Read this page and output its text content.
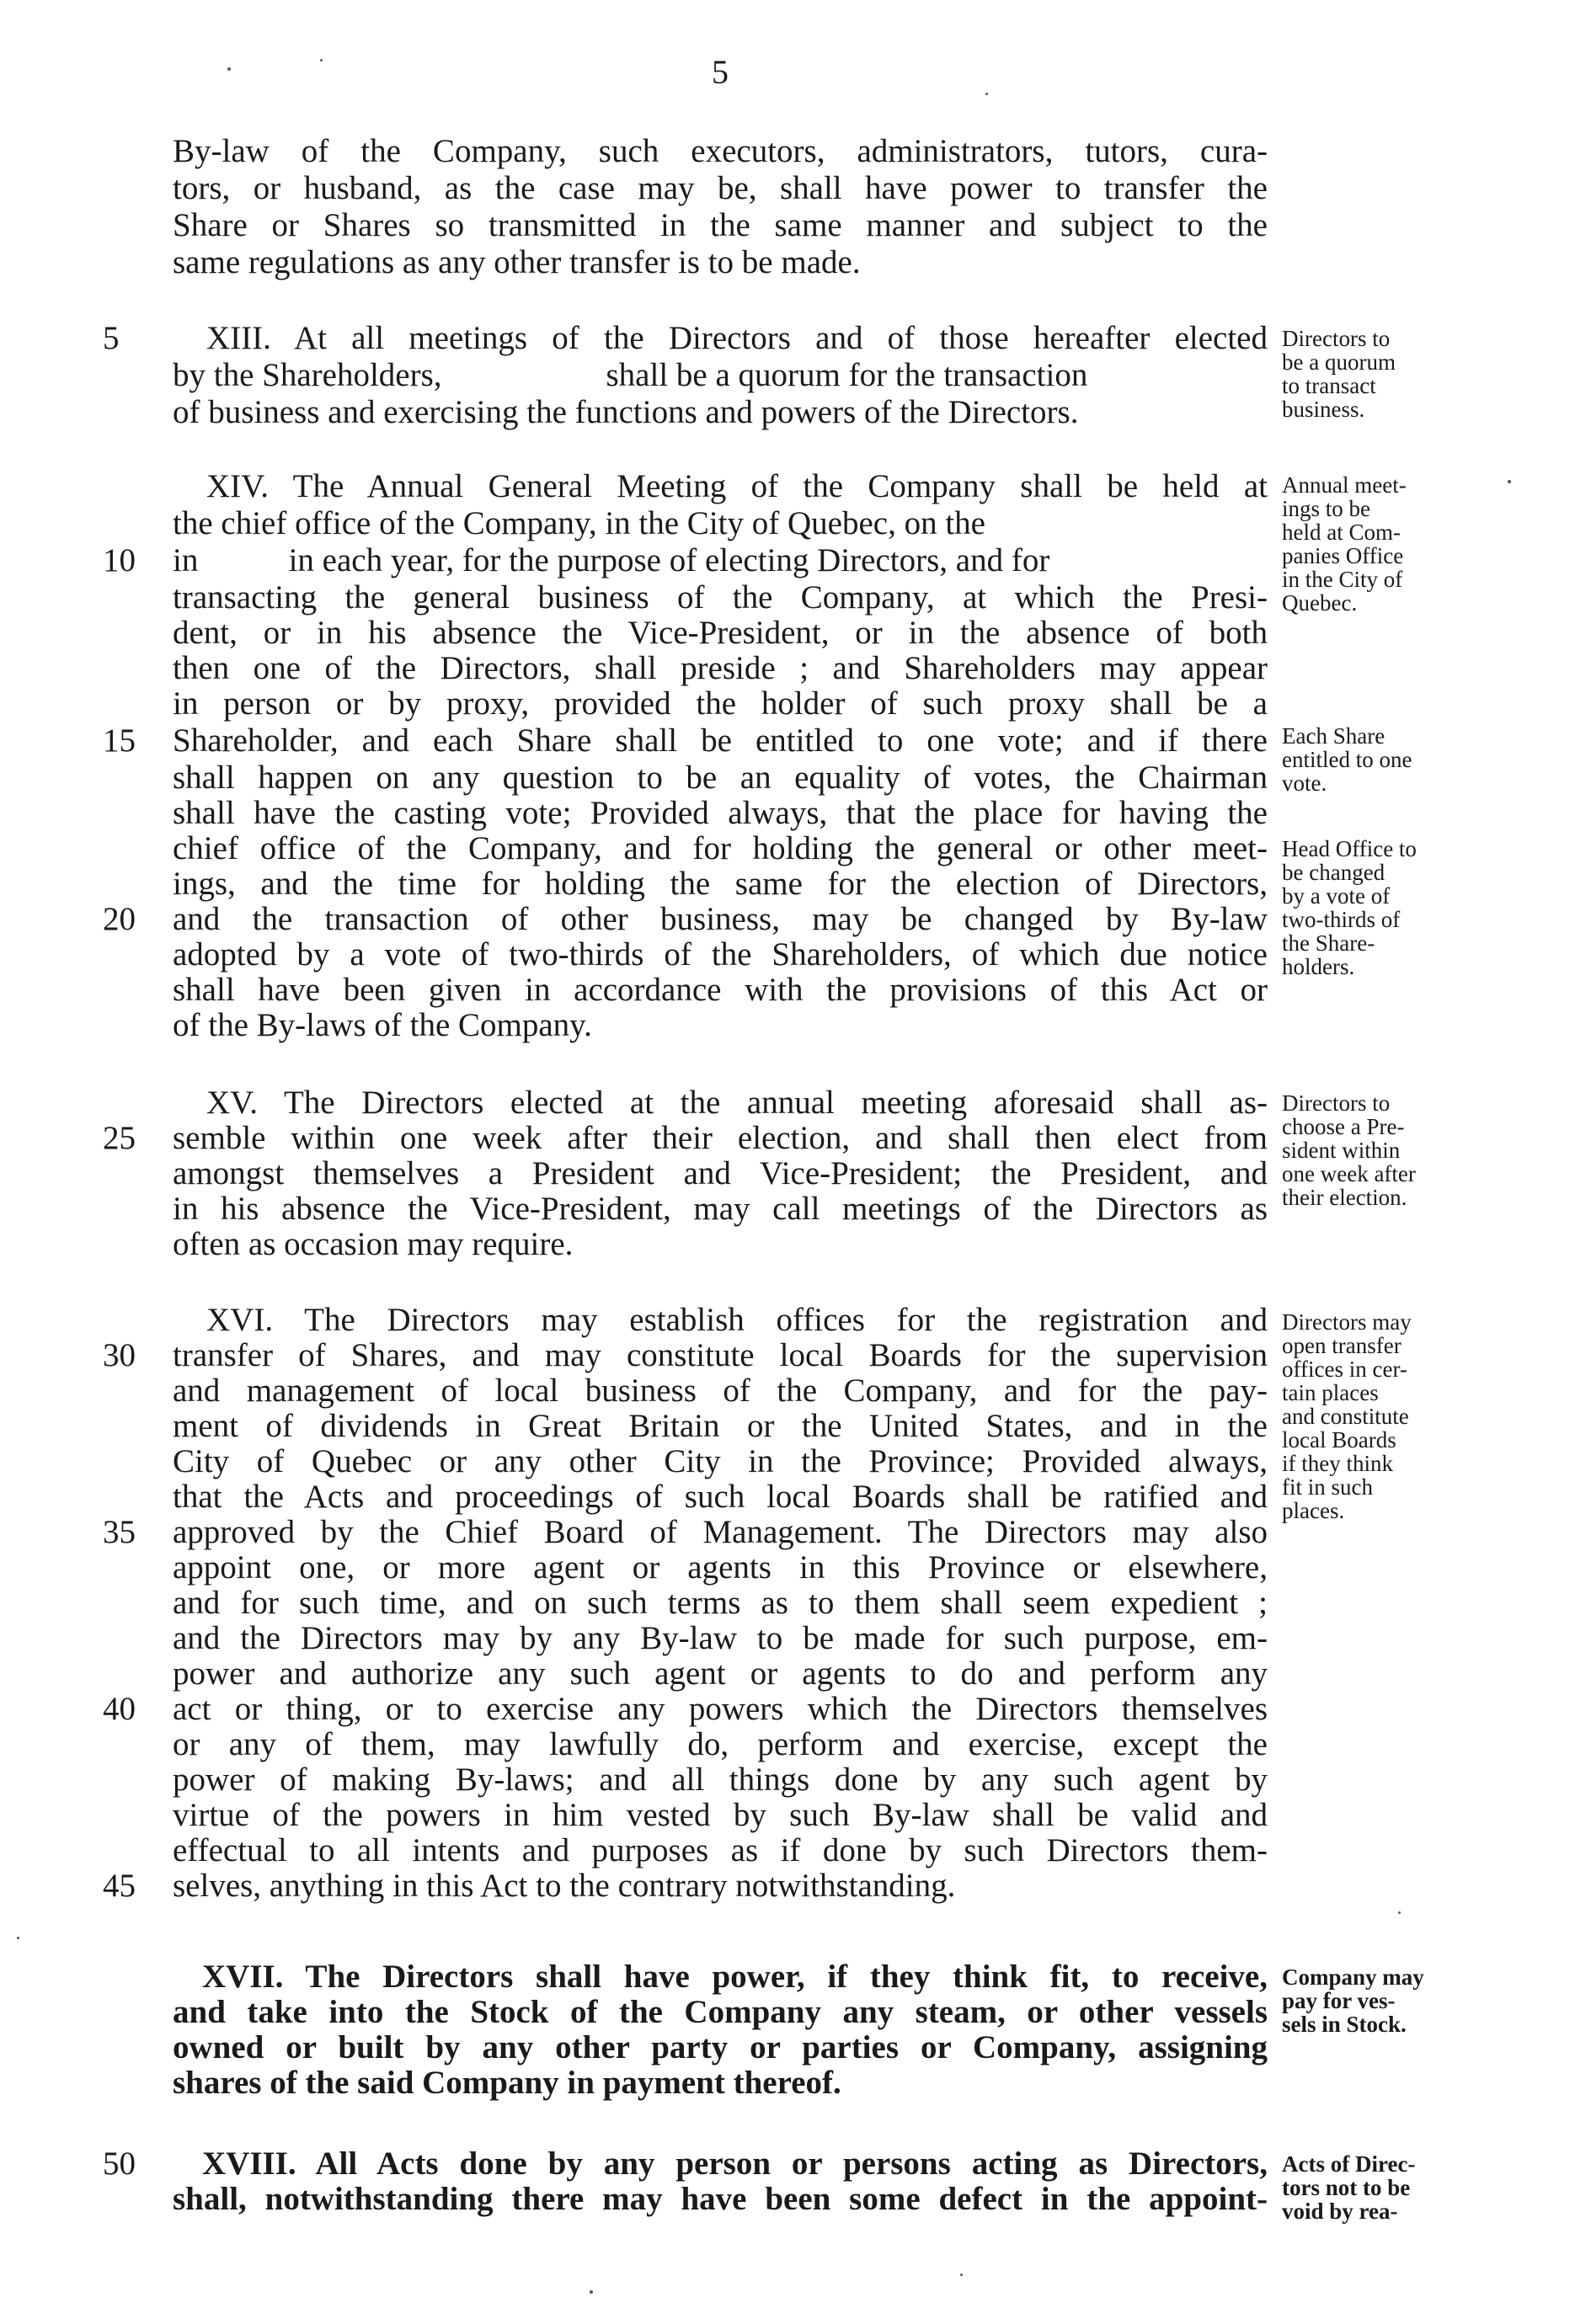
5
By-law of the Company, such executors, administrators, tutors, cura-
tors, or husband, as the case may be, shall have power to transfer the
Share or Shares so transmitted in the same manner and subject to the
same regulations as any other transfer is to be made.
XIII. At all meetings of the Directors and of those hereafter elected
by the Shareholders,                    shall be a quorum for the transaction
of business and exercising the functions and powers of the Directors.
XIV. The Annual General Meeting of the Company shall be held at
the chief office of the Company, in the City of Quebec, on the
in           in each year, for the purpose of electing Directors, and for
transacting the general business of the Company, at which the Presi-
dent, or in his absence the Vice-President, or in the absence of both
then one of the Directors, shall preside ; and Shareholders may appear
in person or by proxy, provided the holder of such proxy shall be a
Shareholder, and each Share shall be entitled to one vote; and if there
shall happen on any question to be an equality of votes, the Chairman
shall have the casting vote; Provided always, that the place for having the
chief office of the Company, and for holding the general or other meet-
ings, and the time for holding the same for the election of Directors,
and the transaction of other business, may be changed by By-law
adopted by a vote of two-thirds of the Shareholders, of which due notice
shall have been given in accordance with the provisions of this Act or
of the By-laws of the Company.
XV. The Directors elected at the annual meeting aforesaid shall as-
semble within one week after their election, and shall then elect from
amongst themselves a President and Vice-President; the President, and
in his absence the Vice-President, may call meetings of the Directors as
often as occasion may require.
XVI. The Directors may establish offices for the registration and
transfer of Shares, and may constitute local Boards for the supervision
and management of local business of the Company, and for the pay-
ment of dividends in Great Britain or the United States, and in the
City of Quebec or any other City in the Province; Provided always,
that the Acts and proceedings of such local Boards shall be ratified and
approved by the Chief Board of Management. The Directors may also
appoint one, or more agent or agents in this Province or elsewhere,
and for such time, and on such terms as to them shall seem expedient ;
and the Directors may by any By-law to be made for such purpose, em-
power and authorize any such agent or agents to do and perform any
act or thing, or to exercise any powers which the Directors themselves
or any of them, may lawfully do, perform and exercise, except the
power of making By-laws; and all things done by any such agent by
virtue of the powers in him vested by such By-law shall be valid and
effectual to all intents and purposes as if done by such Directors them-
selves, anything in this Act to the contrary notwithstanding.
XVII. The Directors shall have power, if they think fit, to receive,
and take into the Stock of the Company any steam, or other vessels
owned or built by any other party or parties or Company, assigning
shares of the said Company in payment thereof.
XVIII. All Acts done by any person or persons acting as Directors,
shall, notwithstanding there may have been some defect in the appoint-
5
10
15
20
25
30
35
40
45
50
Directors to
be a quorum
to transact
business.
Annual meet-
ings to be
held at Com-
panies Office
in the City of
Quebec.
Each Share
entitled to one
vote.
Head Office to
be changed
by a vote of
two-thirds of
the Share-
holders.
Directors to
choose a Pre-
sident within
one week after
their election.
Directors may
open transfer
offices in cer-
tain places
and constitute
local Boards
if they think
fit in such
places.
Company may
pay for ves-
sels in Stock.
Acts of Direc-
tors not to be
void by rea-
